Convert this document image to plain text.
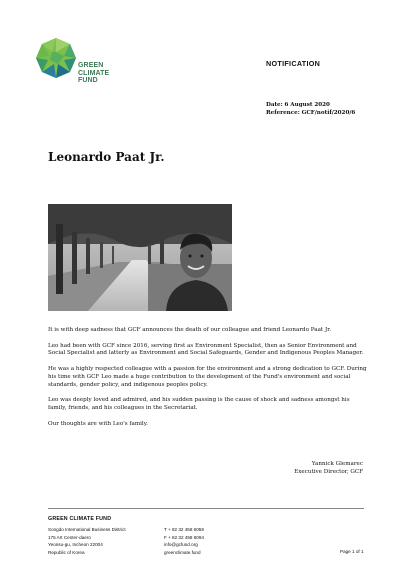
GREEN
CLIMATE
FUND
NOTIFICATION
Date: 6 August 2020
Reference: GCF/notif/2020/6
Leonardo Paat Jr.

It is with deep sadness that GCF announces the death of our colleague and friend Leonardo Paat Jr.

Leo had been with GCF since 2016, serving first as Environment Specialist, then as Senior Environment and Social Specialist and latterly as Environment and Social Safeguards, Gender and Indigenous Peoples Manager.

He was a highly respected colleague with a passion for the environment and a strong dedication to GCF. During his time with GCF Leo made a huge contribution to the development of the Fund's environment and social standards, gender policy, and indigenous peoples policy.

Leo was deeply loved and admired, and his sudden passing is the cause of shock and sadness amongst his family, friends, and his colleagues in the Secretariat.

Our thoughts are with Leo's family.

Yannick Glemarec
Executive Director, GCF
GREEN CLIMATE FUND
Songdo International Business District
175 Art Center-daero
Yeonsu-gu, Incheon 22004
Republic of Korea
T + 82 32 458 6059
F + 82 32 458 6094
info@gcfund.org
greenclimate.fund	Page 1 of 1
